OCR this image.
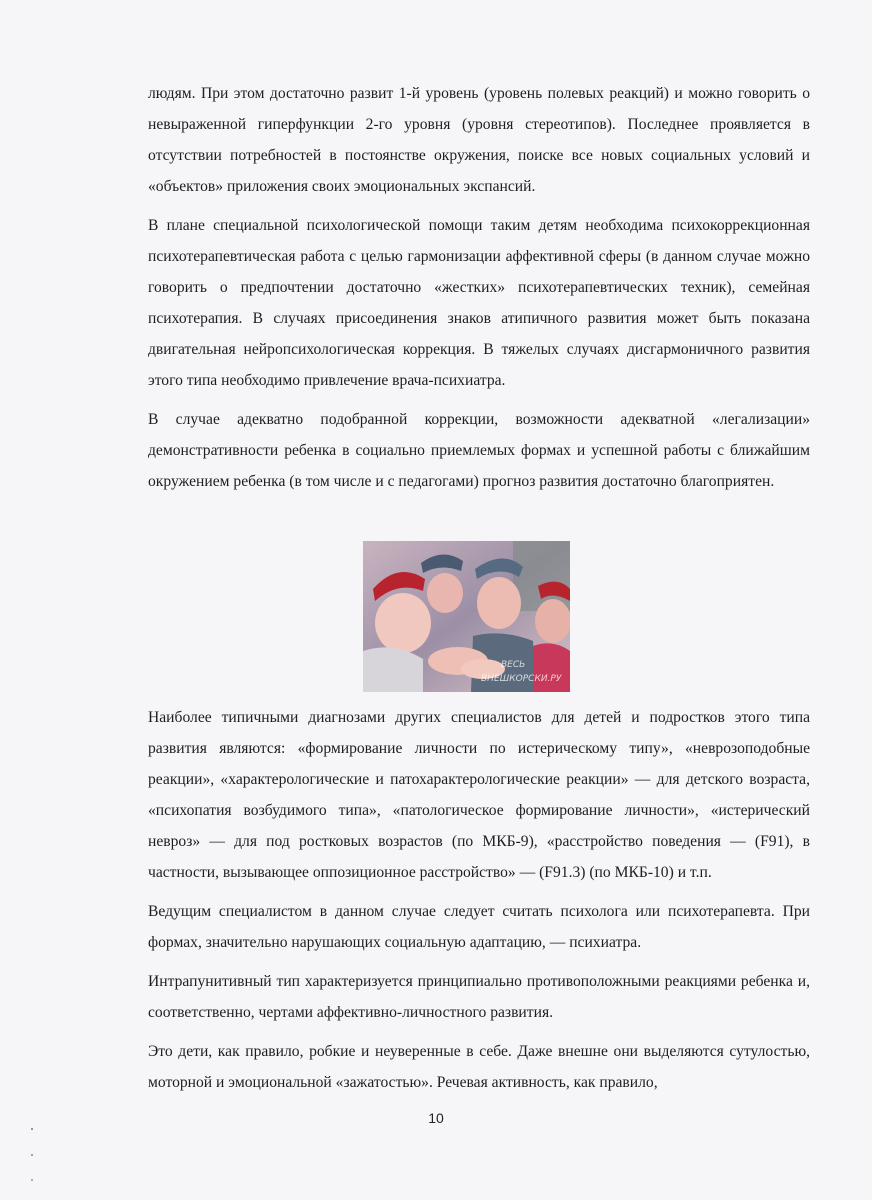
людям. При этом достаточно развит 1-й уровень (уровень полевых реакций) и можно говорить о невыраженной гиперфункции 2-го уровня (уровня стереотипов). Последнее проявляется в отсутствии потребностей в постоянстве окружения, поиске все новых социальных условий и «объектов» приложения своих эмоциональных экспансий.

В плане специальной психологической помощи таким детям необходима психокоррекционная психотерапевтическая работа с целью гармонизации аффективной сферы (в данном случае можно говорить о предпочтении достаточно «жестких» психотерапевтических техник), семейная психотерапия. В случаях присоединения знаков атипичного развития может быть показана двигательная нейропсихологическая коррекция. В тяжелых случаях дисгармоничного развития этого типа необходимо привлечение врача-психиатра.

В случае адекватно подобранной коррекции, возможности адекватной «легализации» демонстративности ребенка в социально приемлемых формах и успешной работы с ближайшим окружением ребенка (в том числе и с педагогами) прогноз развития достаточно благоприятен.

ВЕСЬ
ВНЕШКОРСКИ.РУ

Наиболее типичными диагнозами других специалистов для детей и подростков этого типа развития являются: «формирование личности по истерическому типу», «неврозоподобные реакции», «характерологические и патохарактерологические реакции» — для детского возраста, «психопатия возбудимого типа», «патологическое формирование личности», «истерический невроз» — для под ростковых возрастов (по МКБ-9), «расстройство поведения — (F91), в частности, вызывающее оппозиционное расстройство» — (F91.3) (по МКБ-10) и т.п.

Ведущим специалистом в данном случае следует считать психолога или психотерапевта. При формах, значительно нарушающих социальную адаптацию, — психиатра.

Интрапунитивный тип характеризуется принципиально противоположными реакциями ребенка и, соответственно, чертами аффективно-личностного развития.

Это дети, как правило, робкие и неуверенные в себе. Даже внешне они выделяются сутулостью, моторной и эмоциональной «зажатостью». Речевая активность, как правило,

10
